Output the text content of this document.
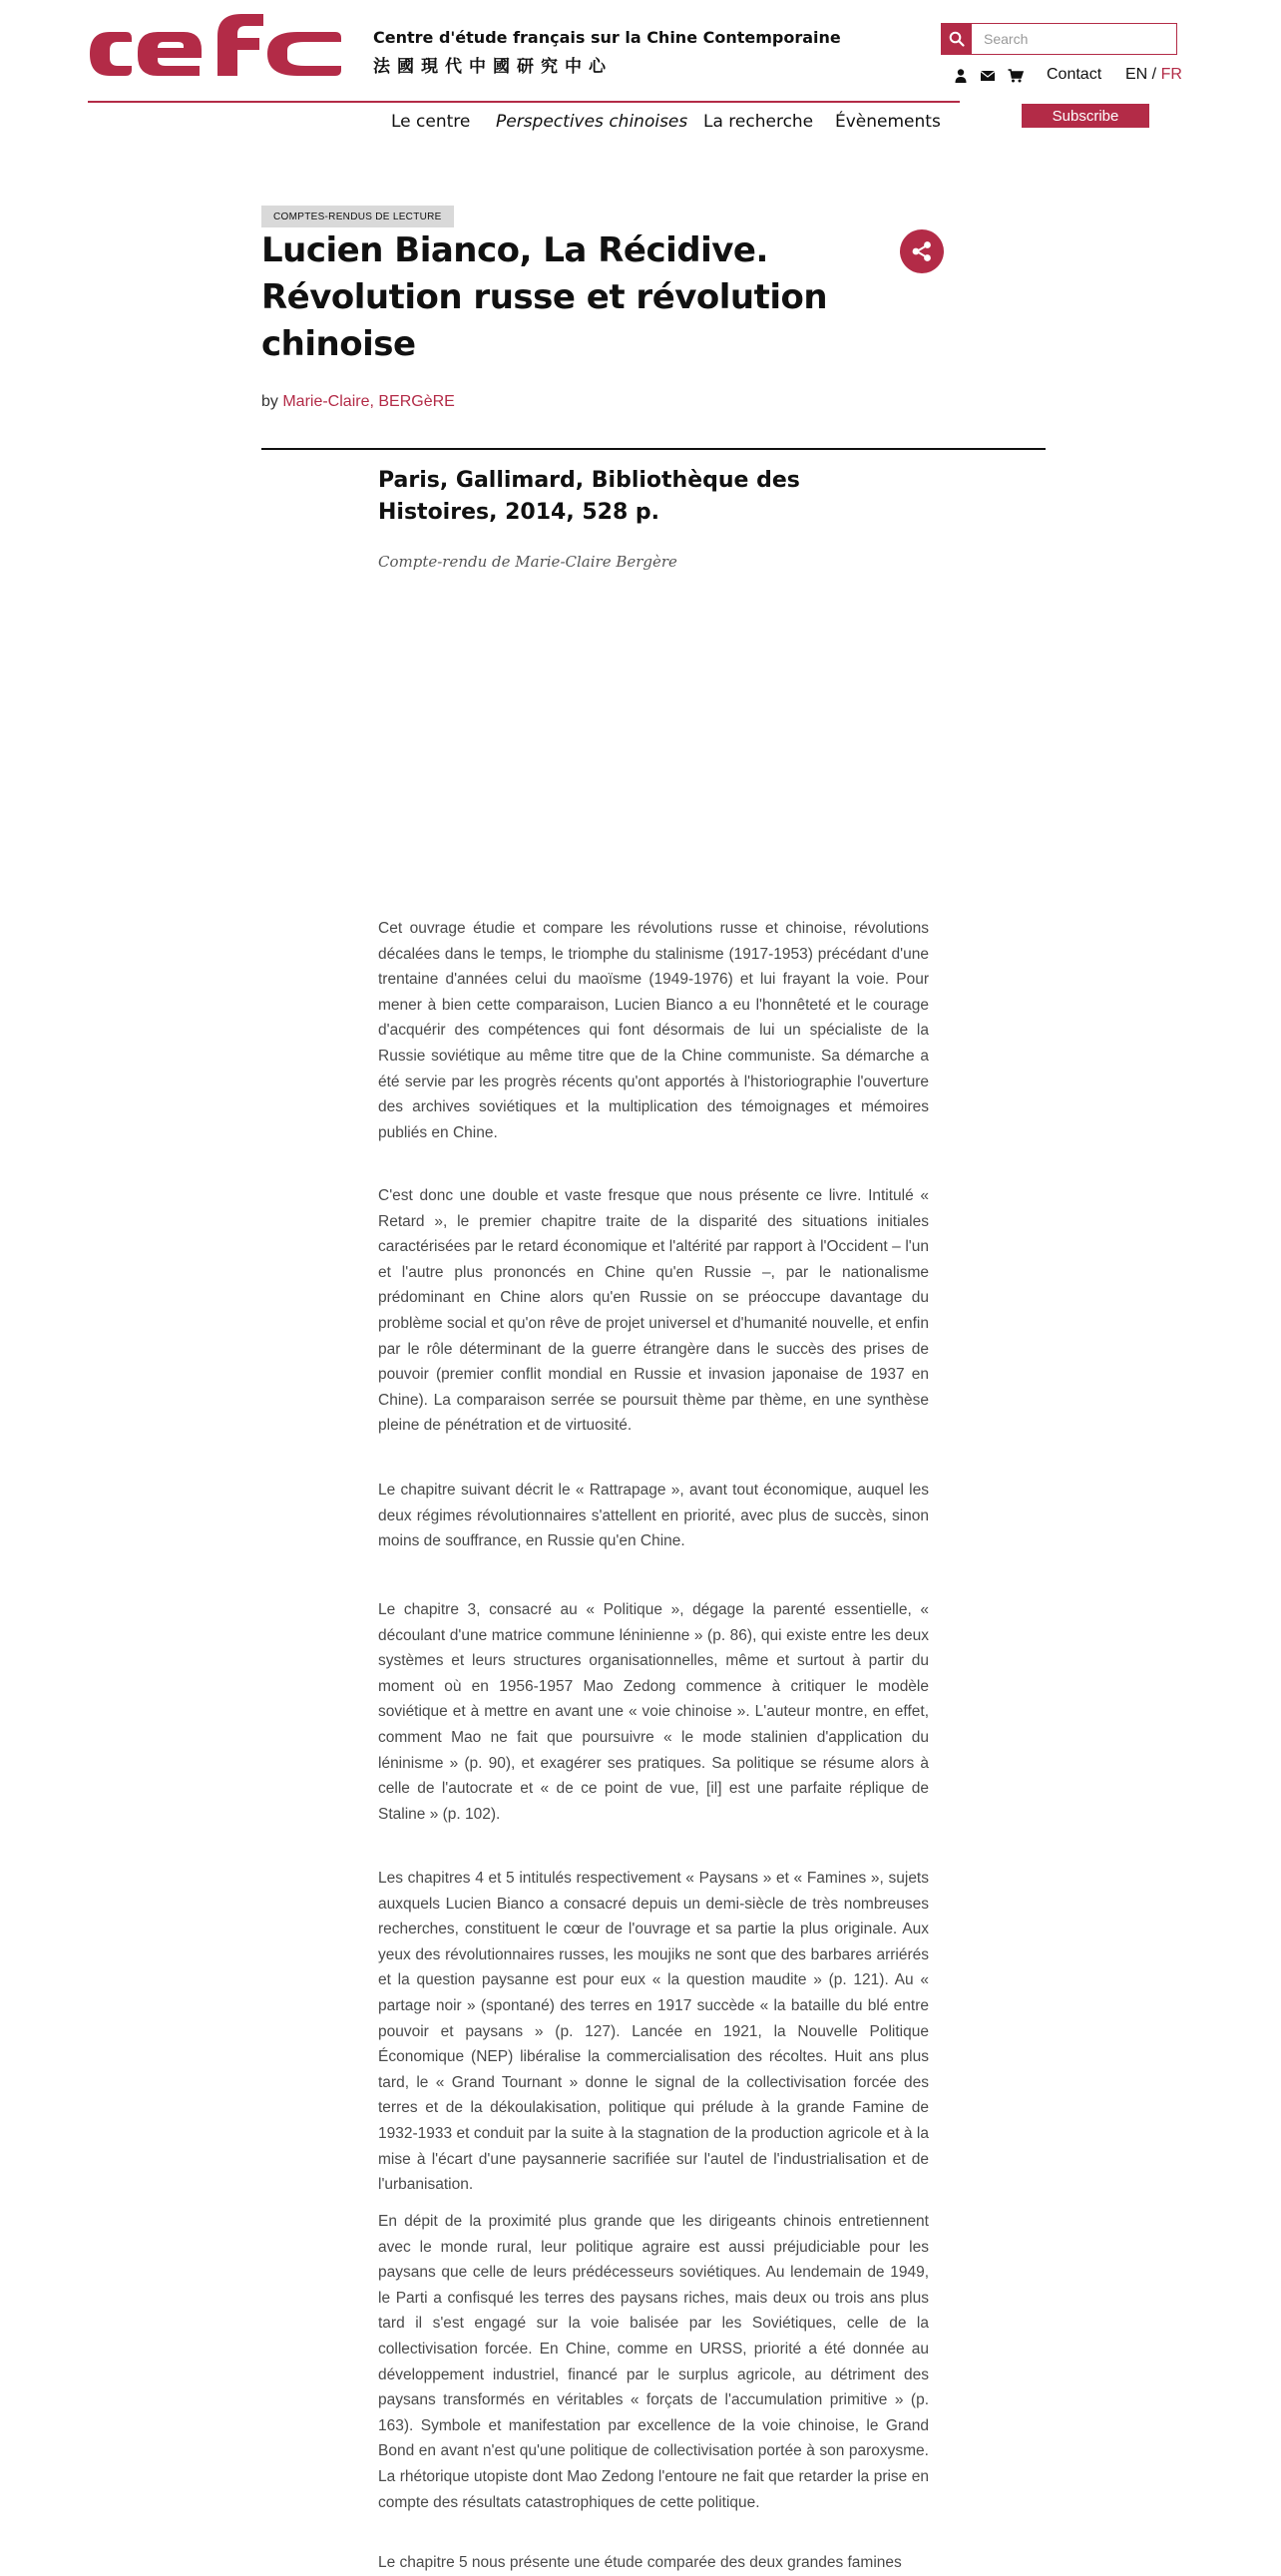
Centre d'étude français sur la Chine Contemporaine
法國現代中國研究中心
Search	Contact EN / FR
Subscribe
Le centre Perspectives chinoises La recherche Évènements
COMPTES-RENDUS DE LECTURE
Lucien Bianco, La Récidive.
Révolution russe et révolution
chinoise
by Marie-Claire, BERGèRE
Paris, Gallimard, Bibliothèque des Histoires, 2014, 528 p.
Compte-rendu de Marie-Claire Bergère

Cet ouvrage étudie et compare les révolutions russe et chinoise, révolutions décalées dans le temps, le triomphe du stalinisme (1917-1953) précédant d'une trentaine d'années celui du maoïsme (1949-1976) et lui frayant la voie. Pour mener à bien cette comparaison, Lucien Bianco a eu l'honnêteté et le courage d'acquérir des compétences qui font désormais de lui un spécialiste de la Russie soviétique au même titre que de la Chine communiste. Sa démarche a été servie par les progrès récents qu'ont apportés à l'historiographie l'ouverture des archives soviétiques et la multiplication des témoignages et mémoires publiés en Chine.

C'est donc une double et vaste fresque que nous présente ce livre. Intitulé « Retard », le premier chapitre traite de la disparité des situations initiales caractérisées par le retard économique et l'altérité par rapport à l'Occident – l'un et l'autre plus prononcés en Chine qu'en Russie –, par le nationalisme prédominant en Chine alors qu'en Russie on se préoccupe davantage du problème social et qu'on rêve de projet universel et d'humanité nouvelle, et enfin par le rôle déterminant de la guerre étrangère dans le succès des prises de pouvoir (premier conflit mondial en Russie et invasion japonaise de 1937 en Chine). La comparaison serrée se poursuit thème par thème, en une synthèse pleine de pénétration et de virtuosité.

Le chapitre suivant décrit le « Rattrapage », avant tout économique, auquel les deux régimes révolutionnaires s'attellent en priorité, avec plus de succès, sinon moins de souffrance, en Russie qu'en Chine.

Le chapitre 3, consacré au « Politique », dégage la parenté essentielle, « découlant d'une matrice commune léninienne » (p. 86), qui existe entre les deux systèmes et leurs structures organisationnelles, même et surtout à partir du moment où en 1956-1957 Mao Zedong commence à critiquer le modèle soviétique et à mettre en avant une « voie chinoise ». L'auteur montre, en effet, comment Mao ne fait que poursuivre « le mode stalinien d'application du léninisme » (p. 90), et exagérer ses pratiques. Sa politique se résume alors à celle de l'autocrate et « de ce point de vue, [il] est une parfaite réplique de Staline » (p. 102).

Les chapitres 4 et 5 intitulés respectivement « Paysans » et « Famines », sujets auxquels Lucien Bianco a consacré depuis un demi-siècle de très nombreuses recherches, constituent le cœur de l'ouvrage et sa partie la plus originale. Aux yeux des révolutionnaires russes, les moujiks ne sont que des barbares arriérés et la question paysanne est pour eux « la question maudite » (p. 121). Au « partage noir » (spontané) des terres en 1917 succède « la bataille du blé entre pouvoir et paysans » (p. 127). Lancée en 1921, la Nouvelle Politique Économique (NEP) libéralise la commercialisation des récoltes. Huit ans plus tard, le « Grand Tournant » donne le signal de la collectivisation forcée des terres et de la dékoulakisation, politique qui prélude à la grande Famine de 1932-1933 et conduit par la suite à la stagnation de la production agricole et à la mise à l'écart d'une paysannerie sacrifiée sur l'autel de l'industrialisation et de l'urbanisation.

En dépit de la proximité plus grande que les dirigeants chinois entretiennent avec le monde rural, leur politique agraire est aussi préjudiciable pour les paysans que celle de leurs prédécesseurs soviétiques. Au lendemain de 1949, le Parti a confisqué les terres des paysans riches, mais deux ou trois ans plus tard il s'est engagé sur la voie balisée par les Soviétiques, celle de la collectivisation forcée. En Chine, comme en URSS, priorité a été donnée au développement industriel, financé par le surplus agricole, au détriment des paysans transformés en véritables « forçats de l'accumulation primitive » (p. 163). Symbole et manifestation par excellence de la voie chinoise, le Grand Bond en avant n'est qu'une politique de collectivisation portée à son paroxysme. La rhétorique utopiste dont Mao Zedong l'entoure ne fait que retarder la prise en compte des résultats catastrophiques de cette politique.

Le chapitre 5 nous présente une étude comparée des deux grandes famines
